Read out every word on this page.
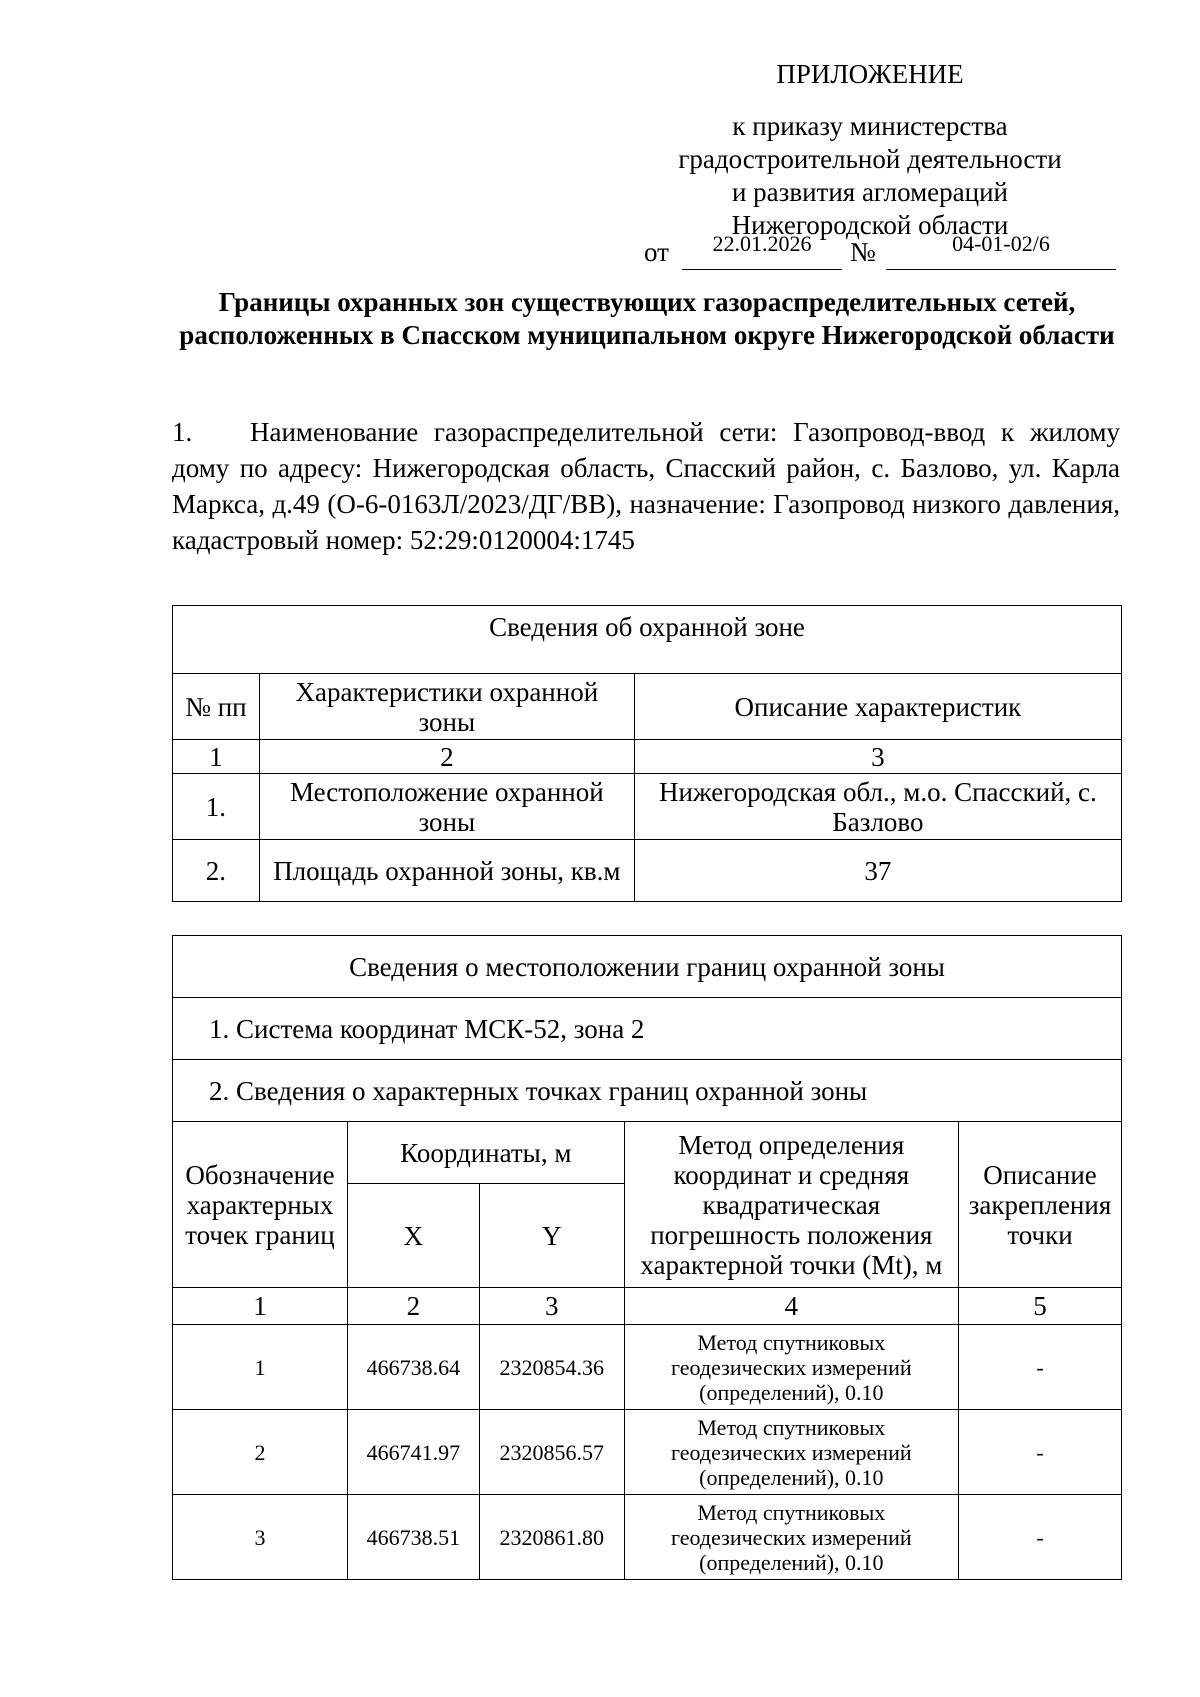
ПРИЛОЖЕНИЕ
к приказу министерства
градостроительной деятельности
и развития агломераций
Нижегородской области
от	22.01.2026	№	04-01-02/6
Границы охранных зон существующих газораспределительных сетей, расположенных в Спасском муниципальном округе Нижегородской области
1. Наименование газораспределительной сети: Газопровод-ввод к жилому дому по адресу: Нижегородская область, Спасский район, с. Базлово, ул. Карла Маркса, д.49 (О-6-0163Л/2023/ДГ/ВВ), назначение: Газопровод низкого давления, кадастровый номер: 52:29:0120004:1745
Сведения об охранной зоне		
№ пп	Характеристики охранной зоны	Описание характеристик
1	2	3
1.	Местоположение охранной зоны	Нижегородская обл., м.о. Спасский, с. Базлово
2.	Площадь охранной зоны, кв.м	37
Сведения о местоположении границ охранной зоны				
1. Система координат МСК-52, зона 2				
2. Сведения о характерных точках границ охранной зоны				
Обозначение характерных точек границ	Координаты, м		Метод определения координат и средняя квадратическая погрешность положения характерной точки (Mt), м	Описание закрепления точки
	X	Y		
1	2	3	4	5
1	466738.64	2320854.36	Метод спутниковых геодезических измерений (определений), 0.10	-
2	466741.97	2320856.57	Метод спутниковых геодезических измерений (определений), 0.10	-
3	466738.51	2320861.80	Метод спутниковых геодезических измерений (определений), 0.10	-
